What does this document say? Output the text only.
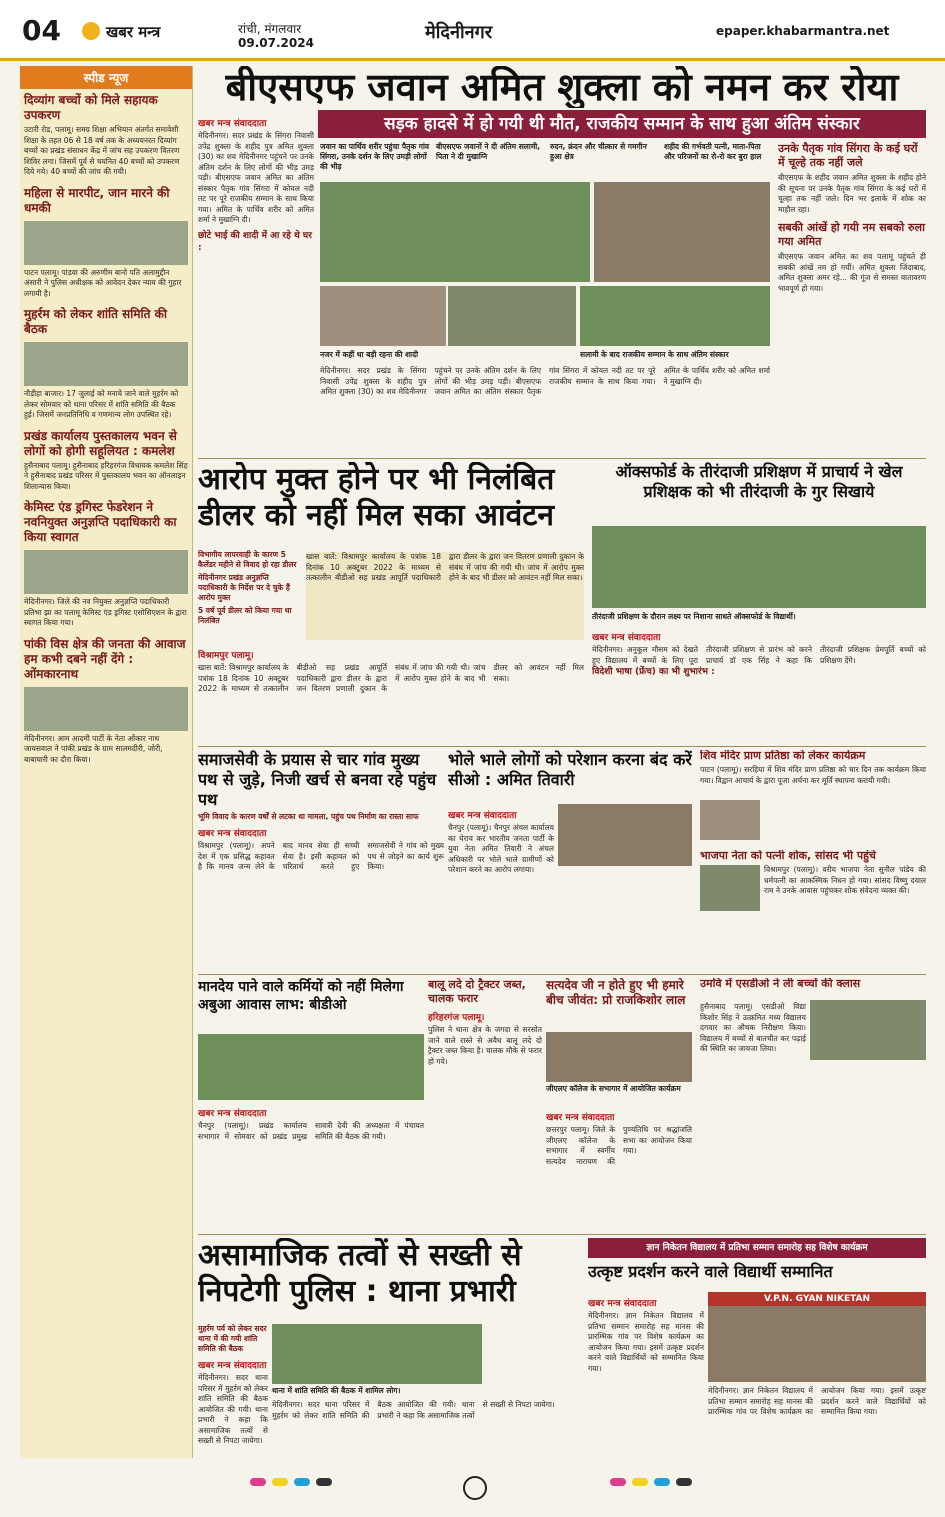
04	खबर मन्त्र	रांची, मंगलवार
09.07.2024	मेदिनीनगर	epaper.khabarmantra.net
स्पीड न्यूज
दिव्यांग बच्चों को मिले सहायक उपकरण
उटारी रोड, पलामू। समग्र शिक्षा अभियान अंतर्गत समावेशी शिक्षा के तहत 06 से 18 वर्ष तक के अध्ययनरत दिव्यांग बच्चों का प्रखंड संसाधन केंद्र में जांच सह उपकरण वितरण शिविर लगा। जिसमें पूर्व से चयनित 40 बच्चों को उपकरण दिये गये। 40 बच्चों की जांच की गयी।
महिला से मारपीट, जान मारने की धमकी
पाटन पलामू। पांडवा की अरुणीम बानो पति अलामुद्दीन अंसारी ने पुलिस अधीक्षक को आवेदन देकर न्याय की गुहार लगायी है।
मुहर्रम को लेकर शांति समिति की बैठक
नौडीहा बाजार। 17 जुलाई को मनाये जाने वाले मुहर्रम को लेकर सोमवार को थाना परिसर में शांति समिति की बैठक हुई। जिसमें जनप्रतिनिधि व गणमान्य लोग उपस्थित रहे।
प्रखंड कार्यालय पुस्तकालय भवन से लोगों को होगी सहूलियत : कमलेश
हुसैनाबाद पलामू। हुसैनाबाद हरिहरगंज विधायक कमलेश सिंह ने हुसैनाबाद प्रखंड परिसर में पुस्तकालय भवन का ऑनलाइन शिलान्यास किया।
केमिस्ट एंड ड्रगिस्ट फेडरेशन ने नवनियुक्त अनुज्ञप्ति पदाधिकारी का किया स्वागत
मेदिनीनगर। जिले की नव नियुक्त अनुज्ञप्ति पदाधिकारी प्रतिभा झा का पलामू केमिस्ट एंड ड्रगिस्ट एसोसिएशन के द्वारा स्वागत किया गया।
पांकी विस क्षेत्र की जनता की आवाज हम कभी दबने नहीं देंगे : ओंमकारनाथ
मेदिनीनगर। आम आदमी पार्टी के नेता ओंकार नाथ जायसवाल ने पांकी प्रखंड के ग्राम सालमदीरी, जोरी, बाबाघारी का दौरा किया।
बीएसएफ जवान अमित शुक्ला को नमन कर रोया
सड़क हादसे में हो गयी थी मौत, राजकीय सम्मान के साथ हुआ अंतिम संस्कार
खबर मन्त्र संवाददाता
मेदिनीनगर। सदर प्रखंड के सिंगरा निवासी उपेंद्र शुक्ला के शहीद पुत्र अमित शुक्ला (30) का शव मेदिनीनगर पहुंचने पर उनके अंतिम दर्शन के लिए लोगों की भीड़ उमड़ पड़ी। बीएसएफ जवान अमित का अंतिम संस्कार पैतृक गांव सिंगरा में कोयल नदी तट पर पूरे राजकीय सम्मान के साथ किया गया। अमित के पार्थिव शरीर को अमित शर्मा ने मुखाग्नि दी।
छोटे भाई की शादी में आ रहे थे घर :
जवान का पार्थिव शरीर पहुंचा पैतृक गांव सिंगरा, उनके दर्शन के लिए उमड़ी लोगों की भीड़
बीएसएफ जवानों ने दी अंतिम सलामी, पिता ने दी मुखाग्नि
रुदन, क्रंदन और चीत्कार से गमगीन हुआ क्षेत्र
शहीद की गर्भवती पत्नी, माता-पिता और परिजनों का रो-रो कर बुरा हाल
नजर में कहीं था बड़ी रहना की शादी	सलामी के बाद राजकीय सम्मान के साथ अंतिम संस्कार
मेदिनीनगर। सदर प्रखंड के सिंगरा निवासी उपेंद्र शुक्ला के शहीद पुत्र अमित शुक्ला (30) का शव मेदिनीनगर पहुंचने पर उनके अंतिम दर्शन के लिए लोगों की भीड़ उमड़ पड़ी। बीएसएफ जवान अमित का अंतिम संस्कार पैतृक गांव सिंगरा में कोयल नदी तट पर पूरे राजकीय सम्मान के साथ किया गया। अमित के पार्थिव शरीर को अमित शर्मा ने मुखाग्नि दी।
उनके पैतृक गांव सिंगरा के कई घरों में चूल्हे तक नहीं जले
बीएसएफ के शहीद जवान अमित शुक्ला के शहीद होने की सूचना पर उनके पैतृक गांव सिंगरा के कई घरों में चूल्हा तक नहीं जले। दिन भर इलाके में शोक का माहौल रहा।
सबकी आंखें हो गयी नम सबको रुला गया अमित
बीएसएफ जवान अमित का शव पलामू पहुंचते ही सबकी आंखें नम हो गयीं। अमित शुक्ला जिंदाबाद, अमित शुक्ला अमर रहे... की गूंज से समस्त वातावरण भावपूर्ण हो गया।
आरोप मुक्त होने पर भी निलंबित
डीलर को नहीं मिल सका आवंटन
विभागीय लापरवाही के कारण 5 कैलेंडर महीने से विवाद हो रहा डीलर
मेदिनीनगर प्रखंड अनुज्ञप्ति पदाधिकारी के निर्देश पर दे चुके हैं आरोप मुक्त
5 वर्ष पूर्व डीलर को किया गया था निलंबित
खास बातें: विश्रामपुर कार्यालय के पत्रांक 18 दिनांक 10 अक्टूबर 2022 के माध्यम से तत्कालीन बीडीओ सह प्रखंड आपूर्ति पदाधिकारी द्वारा डीलर के द्वारा जन वितरण प्रणाली दुकान के संबंध में जांच की गयी थी। जांच में आरोप मुक्त होने के बाद भी डीलर को आवंटन नहीं मिल सका।
विश्रामपुर पलामू।
खास बातें: विश्रामपुर कार्यालय के पत्रांक 18 दिनांक 10 अक्टूबर 2022 के माध्यम से तत्कालीन बीडीओ सह प्रखंड आपूर्ति पदाधिकारी द्वारा डीलर के द्वारा जन वितरण प्रणाली दुकान के संबंध में जांच की गयी थी। जांच में आरोप मुक्त होने के बाद भी डीलर को आवंटन नहीं मिल सका।
ऑक्सफोर्ड के तीरंदाजी प्रशिक्षण में प्राचार्य ने खेल प्रशिक्षक को भी तीरंदाजी के गुर सिखाये
तीरंदाजी प्रशिक्षण के दौरान लक्ष्य पर निशाना साधते ऑक्सफोर्ड के विद्यार्थी।
खबर मन्त्र संवाददाता
मेदिनीनगर। अनुकूल मौसम को देखते हुए विद्यालय में बच्चों के लिए पूरा तीरंदाजी प्रशिक्षण से प्रारंभ को करने प्राचार्य डॉ एक सिंह ने कहा कि तीरंदाजी प्रशिक्षक प्रेमपूर्ति बच्चों को प्रशिक्षण देंगे।
विदेशी भाषा (फ्रेंच) का भी शुभारंभ :
समाजसेवी के प्रयास से चार गांव मुख्य पथ से जुड़े, निजी खर्च से बनवा रहे पहुंच पथ
भूमि विवाद के कारण वर्षों से लटका था मामला, पहुंच पथ निर्माण का रास्ता साफ
खबर मन्त्र संवाददाता
विश्रामपुर (पलामू)। अपने देश में एक प्रसिद्ध कहावत है कि मानव जन्म लेने के बाद मानव सेवा ही सच्ची सेवा है। इसी कहावत को चरितार्थ करते हुए समाजसेवी ने गांव को मुख्य पथ से जोड़ने का कार्य शुरू किया।
भोले भाले लोगों को परेशान करना बंद करें सीओ : अमित तिवारी
खबर मन्त्र संवाददाता
चैनपुर (पलामू)। चैनपुर अंचल कार्यालय का घेराव कर भारतीय जनता पार्टी के युवा नेता अमित तिवारी ने अंचल अधिकारी पर भोले भाले ग्रामीणों को परेशान करने का आरोप लगाया।
शिव मंदिर प्राण प्रतिष्ठा को लेकर कार्यक्रम
पाटन (पलामू)। सरहिया में शिव मंदिर प्राण प्रतिष्ठा को चार दिन तक कार्यक्रम किया गया। विद्वान आचार्य के द्वारा पूजा अर्चना कर मूर्ति स्थापना करायी गयी।
भाजपा नेता को पत्नी शोक, सांसद भी पहुंचे
विश्रामपुर (पलामू)। वरीय भाजपा नेता सुनील पांडेय की धर्मपत्नी का आकस्मिक निधन हो गया। सांसद विष्णु दयाल राम ने उनके आवास पहुंचकर शोक संवेदना व्यक्त की।
मानदेय पाने वाले कर्मियों को नहीं मिलेगा अबुआ आवास लाभ: बीडीओ
खबर मन्त्र संवाददाता
चैनपुर (पलामू)। प्रखंड कार्यालय सभागार में सोमवार को प्रखंड प्रमुख सावत्री देवी की अध्यक्षता में पंचायत समिति की बैठक की गयी।
बालू लदे दो ट्रैक्टर जब्त, चालक फरार
हरिहरगंज पलामू।
पुलिस ने थाना क्षेत्र के जगदा से सरसोत जाने वाले रास्ते से अवैध बालू लदे दो ट्रैक्टर जब्त किया है। चालक मौके से फरार हो गये।
सत्यदेव जी न होते हुए भी हमारे बीच जीवंत: प्रो राजकिशोर लाल
जीएलए कॉलेज के सभागार में आयोजित कार्यक्रम
खबर मन्त्र संवाददाता
छत्तरपुर पलामू। जिले के जीएलए कॉलेज के सभागार में स्वर्गीय सत्यदेव नारायण की पुण्यतिथि पर श्रद्धांजलि सभा का आयोजन किया गया।
उमवि में एसडीओ ने ली बच्चों की क्लास
हुसैनाबाद पलामू। एसडीओ विद्या किशोर सिंह ने उत्क्रमित मध्य विद्यालय दगवार का औचक निरीक्षण किया। विद्यालय में बच्चों से बातचीत कर पढ़ाई की स्थिति का जायजा लिया।
असामाजिक तत्वों से सख्ती से
निपटेगी पुलिस : थाना प्रभारी
मुहर्रम पर्व को लेकर सदर थाना में की गयी शांति समिति की बैठक
खबर मन्त्र संवाददाता
मेदिनीनगर। सदर थाना परिसर में मुहर्रम को लेकर शांति समिति की बैठक आयोजित की गयी। थाना प्रभारी ने कहा कि असामाजिक तत्वों से सख्ती से निपटा जायेगा।
थाना में शांति समिति की बैठक में शामिल लोग।
मेदिनीनगर। सदर थाना परिसर में मुहर्रम को लेकर शांति समिति की बैठक आयोजित की गयी। थाना प्रभारी ने कहा कि असामाजिक तत्वों से सख्ती से निपटा जायेगा।
ज्ञान निकेतन विद्यालय में प्रतिभा सम्मान समारोह सह विशेष कार्यक्रम
उत्कृष्ट प्रदर्शन करने वाले विद्यार्थी सम्मानित
खबर मन्त्र संवाददाता
मेदिनीनगर। ज्ञान निकेतन विद्यालय में प्रतिभा सम्मान समारोह सह मानस की प्रारम्भिक गांव पर विशेष कार्यक्रम का आयोजन किया गया। इसमें उत्कृष्ट प्रदर्शन करने वाले विद्यार्थियों को सम्मानित किया गया।
V.P.N. GYAN NIKETAN
मेदिनीनगर। ज्ञान निकेतन विद्यालय में प्रतिभा सम्मान समारोह सह मानस की प्रारम्भिक गांव पर विशेष कार्यक्रम का आयोजन किया गया। इसमें उत्कृष्ट प्रदर्शन करने वाले विद्यार्थियों को सम्मानित किया गया।
